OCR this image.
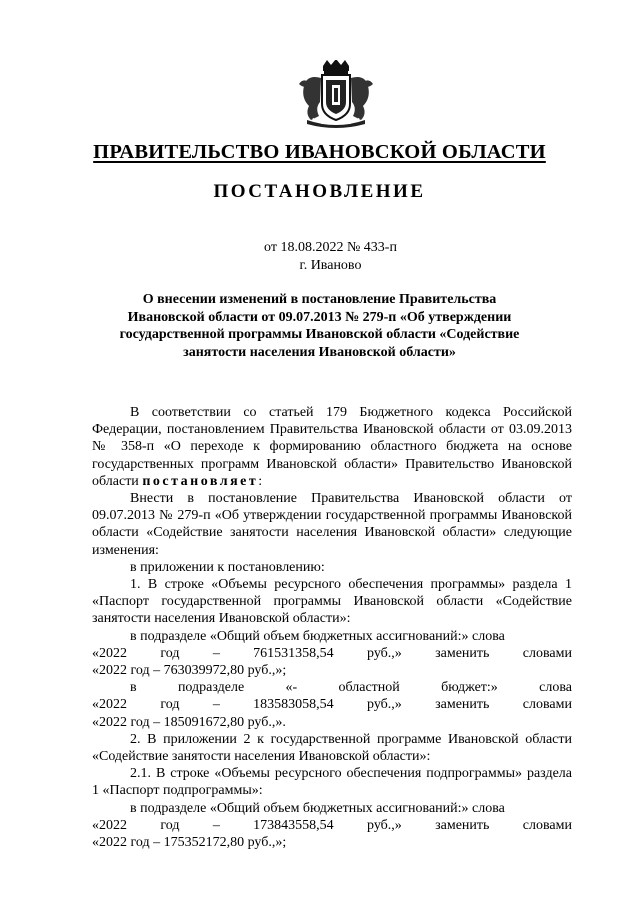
ПРАВИТЕЛЬСТВО ИВАНОВСКОЙ ОБЛАСТИ
ПОСТАНОВЛЕНИЕ
от 18.08.2022 № 433-п
г. Иваново
О внесении изменений в постановление Правительства
Ивановской области от 09.07.2013 № 279-п «Об утверждении
государственной программы Ивановской области «Содействие
занятости населения Ивановской области»
В соответствии со статьей 179 Бюджетного кодекса Российской Федерации, постановлением Правительства Ивановской области от 03.09.2013 № 358-п «О переходе к формированию областного бюджета на основе государственных программ Ивановской области» Правительство Ивановской области постановляет:
Внести в постановление Правительства Ивановской области от 09.07.2013 № 279-п «Об утверждении государственной программы Ивановской области «Содействие занятости населения Ивановской области» следующие изменения:
в приложении к постановлению:
1. В строке «Объемы ресурсного обеспечения программы» раздела 1 «Паспорт государственной программы Ивановской области «Содействие занятости населения Ивановской области»:
в подразделе «Общий объем бюджетных ассигнований:» слова
«2022 год – 761531358,54 руб.,» заменить словами
«2022 год – 763039972,80 руб.,»;
в	подразделе	«-	областной	бюджет:»	слова
«2022 год – 183583058,54 руб.,» заменить словами
«2022 год – 185091672,80 руб.,».
2. В приложении 2 к государственной программе Ивановской области «Содействие занятости населения Ивановской области»:
2.1. В строке «Объемы ресурсного обеспечения подпрограммы» раздела 1 «Паспорт подпрограммы»:
в подразделе «Общий объем бюджетных ассигнований:» слова
«2022 год – 173843558,54 руб.,» заменить словами
«2022 год – 175352172,80 руб.,»;
